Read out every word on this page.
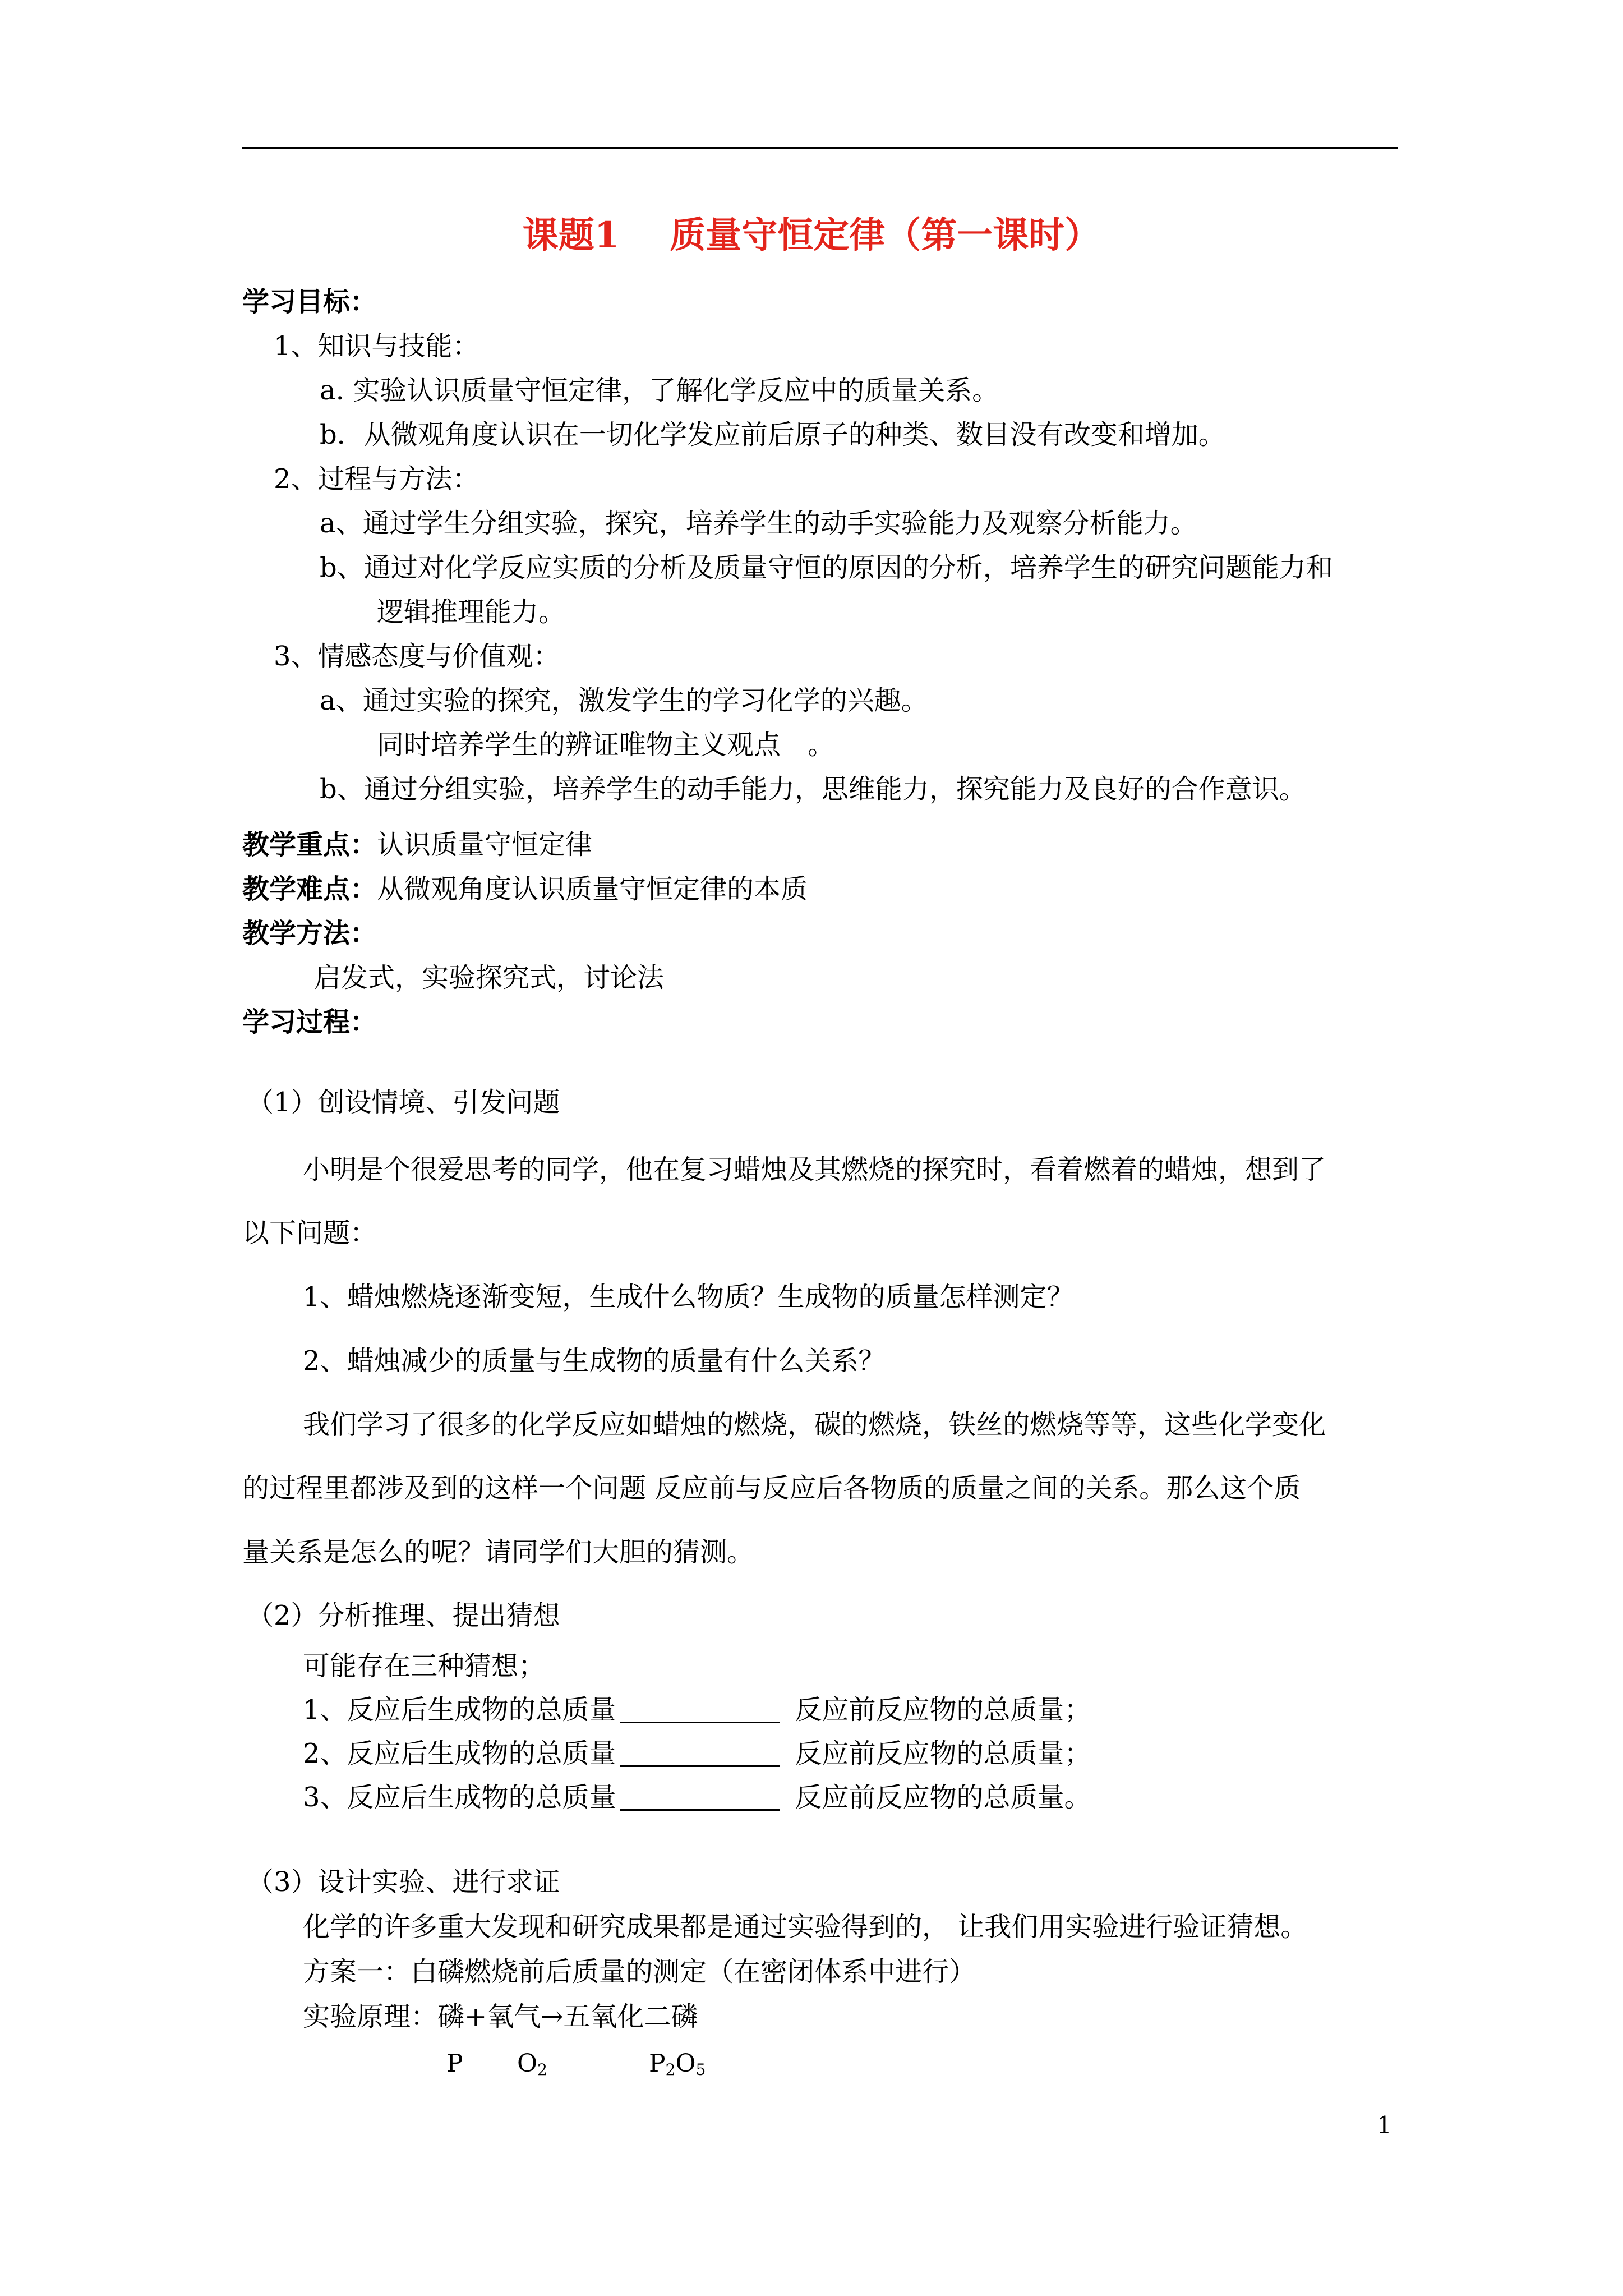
课题1 质量守恒定律（第一课时）
学习目标：
1、知识与技能：
a. 实验认识质量守恒定律，了解化学反应中的质量关系。
b．从微观角度认识在一切化学发应前后原子的种类、数目没有改变和增加。
2、过程与方法：
a、通过学生分组实验，探究，培养学生的动手实验能力及观察分析能力。
b、通过对化学反应实质的分析及质量守恒的原因的分析，培养学生的研究问题能力和
逻辑推理能力。
3、情感态度与价值观：
a、通过实验的探究，激发学生的学习化学的兴趣。
同时培养学生的辨证唯物主义观点　。
b、通过分组实验，培养学生的动手能力，思维能力，探究能力及良好的合作意识。
教学重点：认识质量守恒定律
教学难点：从微观角度认识质量守恒定律的本质
教学方法：
启发式，实验探究式，讨论法
学习过程：
（1）创设情境、引发问题
小明是个很爱思考的同学，他在复习蜡烛及其燃烧的探究时，看着燃着的蜡烛，想到了
以下问题：
1、蜡烛燃烧逐渐变短，生成什么物质？生成物的质量怎样测定？
2、蜡烛减少的质量与生成物的质量有什么关系？
我们学习了很多的化学反应如蜡烛的燃烧，碳的燃烧，铁丝的燃烧等等，这些化学变化
的过程里都涉及到的这样一个问题 反应前与反应后各物质的质量之间的关系。那么这个质
量关系是怎么的呢？请同学们大胆的猜测。
（2）分析推理、提出猜想
可能存在三种猜想；
1、反应后生成物的总质量	反应前反应物的总质量；
2、反应后生成物的总质量	反应前反应物的总质量；
3、反应后生成物的总质量	反应前反应物的总质量。
（3）设计实验、进行求证
化学的许多重大发现和研究成果都是通过实验得到的， 让我们用实验进行验证猜想。
方案一：白磷燃烧前后质量的测定（在密闭体系中进行）
实验原理：磷+氧气→五氧化二磷
P $O_2$	$P_2O_5$
1
